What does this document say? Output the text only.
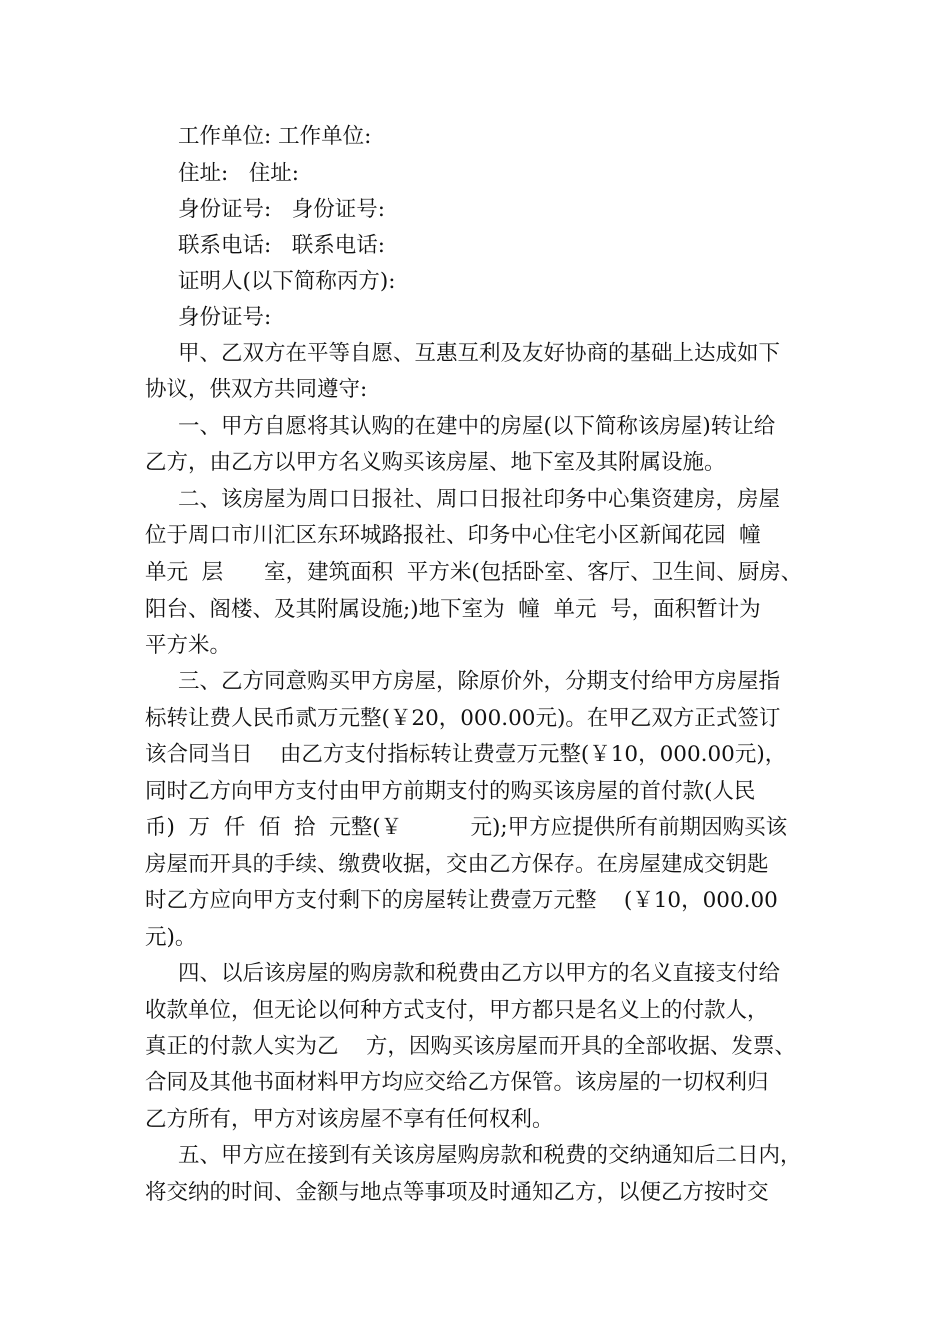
工作单位: 工作单位:
住址:   住址:
身份证号:   身份证号:
联系电话:   联系电话:
证明人(以下简称丙方):
身份证号:
甲、乙双方在平等自愿、互惠互利及友好协商的基础上达成如下
协议，供双方共同遵守:
一、甲方自愿将其认购的在建中的房屋(以下简称该房屋)转让给
乙方，由乙方以甲方名义购买该房屋、地下室及其附属设施。
二、该房屋为周口日报社、周口日报社印务中心集资建房，房屋
位于周口市川汇区东环城路报社、印务中心住宅小区新闻花园  幢
单元  层      室，建筑面积  平方米(包括卧室、客厅、卫生间、厨房、
阳台、阁楼、及其附属设施;)地下室为  幢  单元  号，面积暂计为
平方米。
三、乙方同意购买甲方房屋，除原价外，分期支付给甲方房屋指
标转让费人民币贰万元整(￥20，000.00元)。在甲乙双方正式签订
该合同当日    由乙方支付指标转让费壹万元整(￥10，000.00元)，
同时乙方向甲方支付由甲方前期支付的购买该房屋的首付款(人民
币)  万  仟  佰  拾  元整(￥          元);甲方应提供所有前期因购买该
房屋而开具的手续、缴费收据，交由乙方保存。在房屋建成交钥匙
时乙方应向甲方支付剩下的房屋转让费壹万元整    (￥10，000.00
元)。
四、以后该房屋的购房款和税费由乙方以甲方的名义直接支付给
收款单位，但无论以何种方式支付，甲方都只是名义上的付款人，
真正的付款人实为乙    方，因购买该房屋而开具的全部收据、发票、
合同及其他书面材料甲方均应交给乙方保管。该房屋的一切权利归
乙方所有，甲方对该房屋不享有任何权利。
五、甲方应在接到有关该房屋购房款和税费的交纳通知后二日内，
将交纳的时间、金额与地点等事项及时通知乙方，以便乙方按时交
